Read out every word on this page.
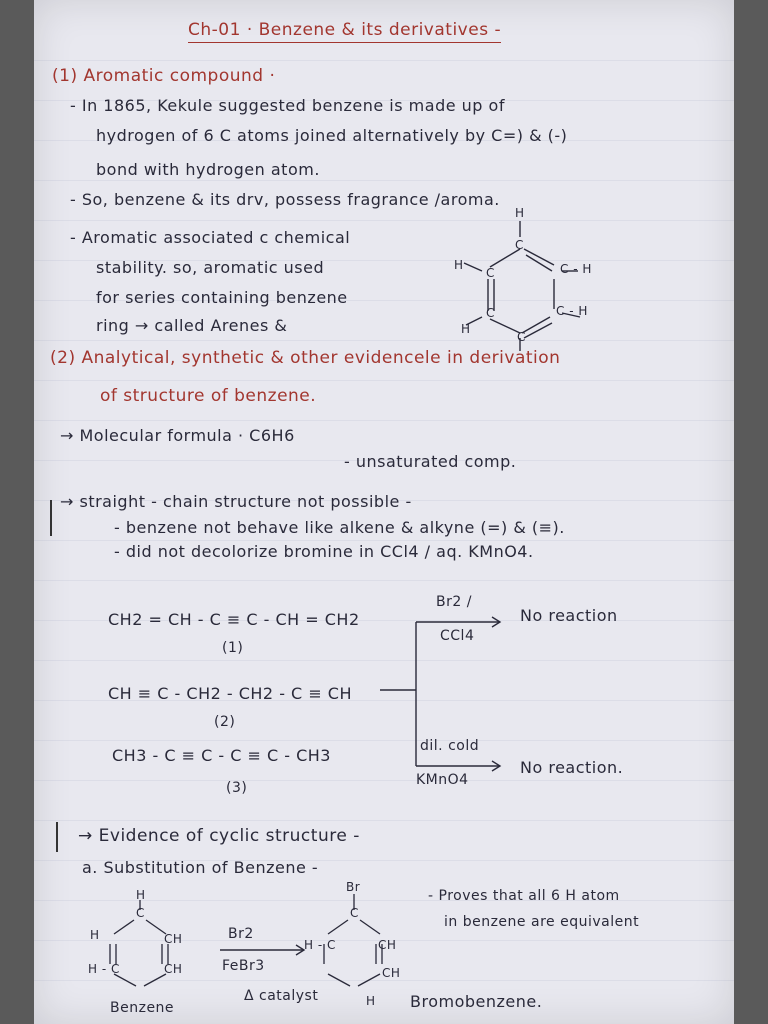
Ch-01 · Benzene & its derivatives -
(1) Aromatic compound ·
- In 1865, Kekule suggested benzene is made up of
hydrogen of 6 C atoms joined alternatively by C=) & (-)
bond with hydrogen atom.
- So, benzene & its drv, possess fragrance /aroma.
- Aromatic associated c chemical
stability. so, aromatic used
for series containing benzene
ring → called Arenes &
H
C
H
C	C - H
C	C - H
H
C
(2) Analytical, synthetic & other evidencele in derivation
of structure of benzene.
→ Molecular formula · C6H6
- unsaturated comp.
→ straight - chain structure not possible -
- benzene not behave like alkene & alkyne (=) & (≡).
- did not decolorize bromine in CCl4 / aq. KMnO4.
CH2 = CH - C ≡ C - CH = CH2
(1)
CH ≡ C - CH2 - CH2 - C ≡ CH
(2)
CH3 - C ≡ C - C ≡ C - CH3
(3)
Br2 /
CCl4
dil. cold
KMnO4
No reaction
No reaction.
→ Evidence of cyclic structure -
a. Substitution of Benzene -
H
C
H	CH
H - C	CH
Benzene
Br2
FeBr3
Δ catalyst
Br
C
CH
H - C
CH
H Bromobenzene.
- Proves that all 6 H atom
in benzene are equivalent
